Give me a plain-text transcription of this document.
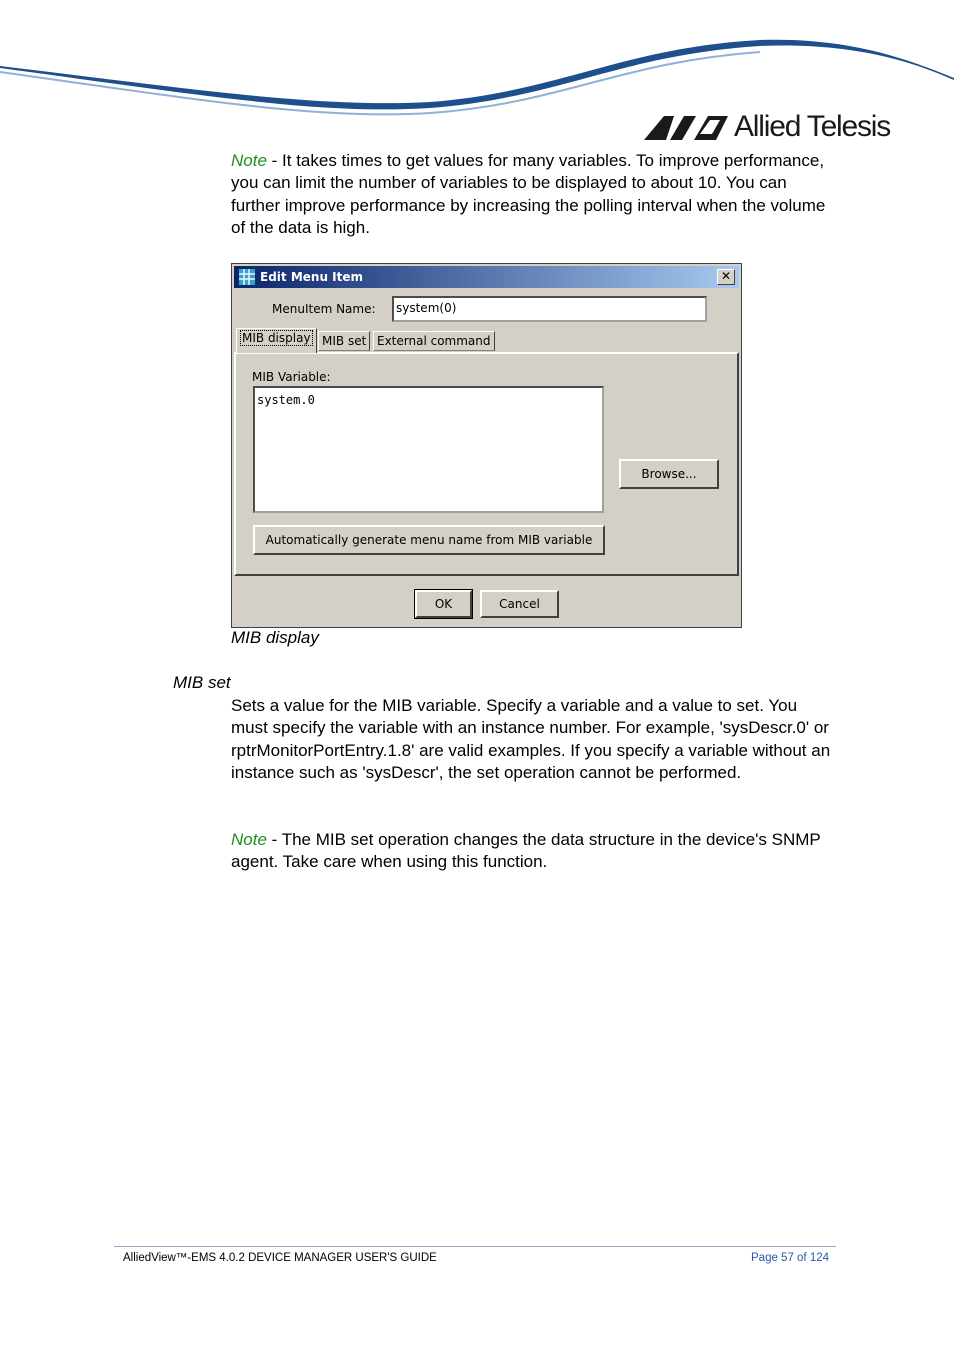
Allied Telesis
Note - It takes times to get values for many variables. To improve performance, you can limit the number of variables to be displayed to about 10. You can further improve performance by increasing the polling interval when the volume of the data is high.
Edit Menu Item	✕
MenuItem Name:	system(0)
MIB display MIB set External command
MIB Variable:
system.0
Browse...
Automatically generate menu name from MIB variable
OK	Cancel
MIB display
MIB set
Sets a value for the MIB variable. Specify a variable and a value to set. You must specify the variable with an instance number. For example, 'sysDescr.0' or rptrMonitorPortEntry.1.8' are valid examples. If you specify a variable without an instance such as 'sysDescr', the set operation cannot be performed.
Note - The MIB set operation changes the data structure in the device's SNMP agent. Take care when using this function.
AlliedView™-EMS 4.0.2 DEVICE MANAGER USER'S GUIDE	Page 57 of 124
